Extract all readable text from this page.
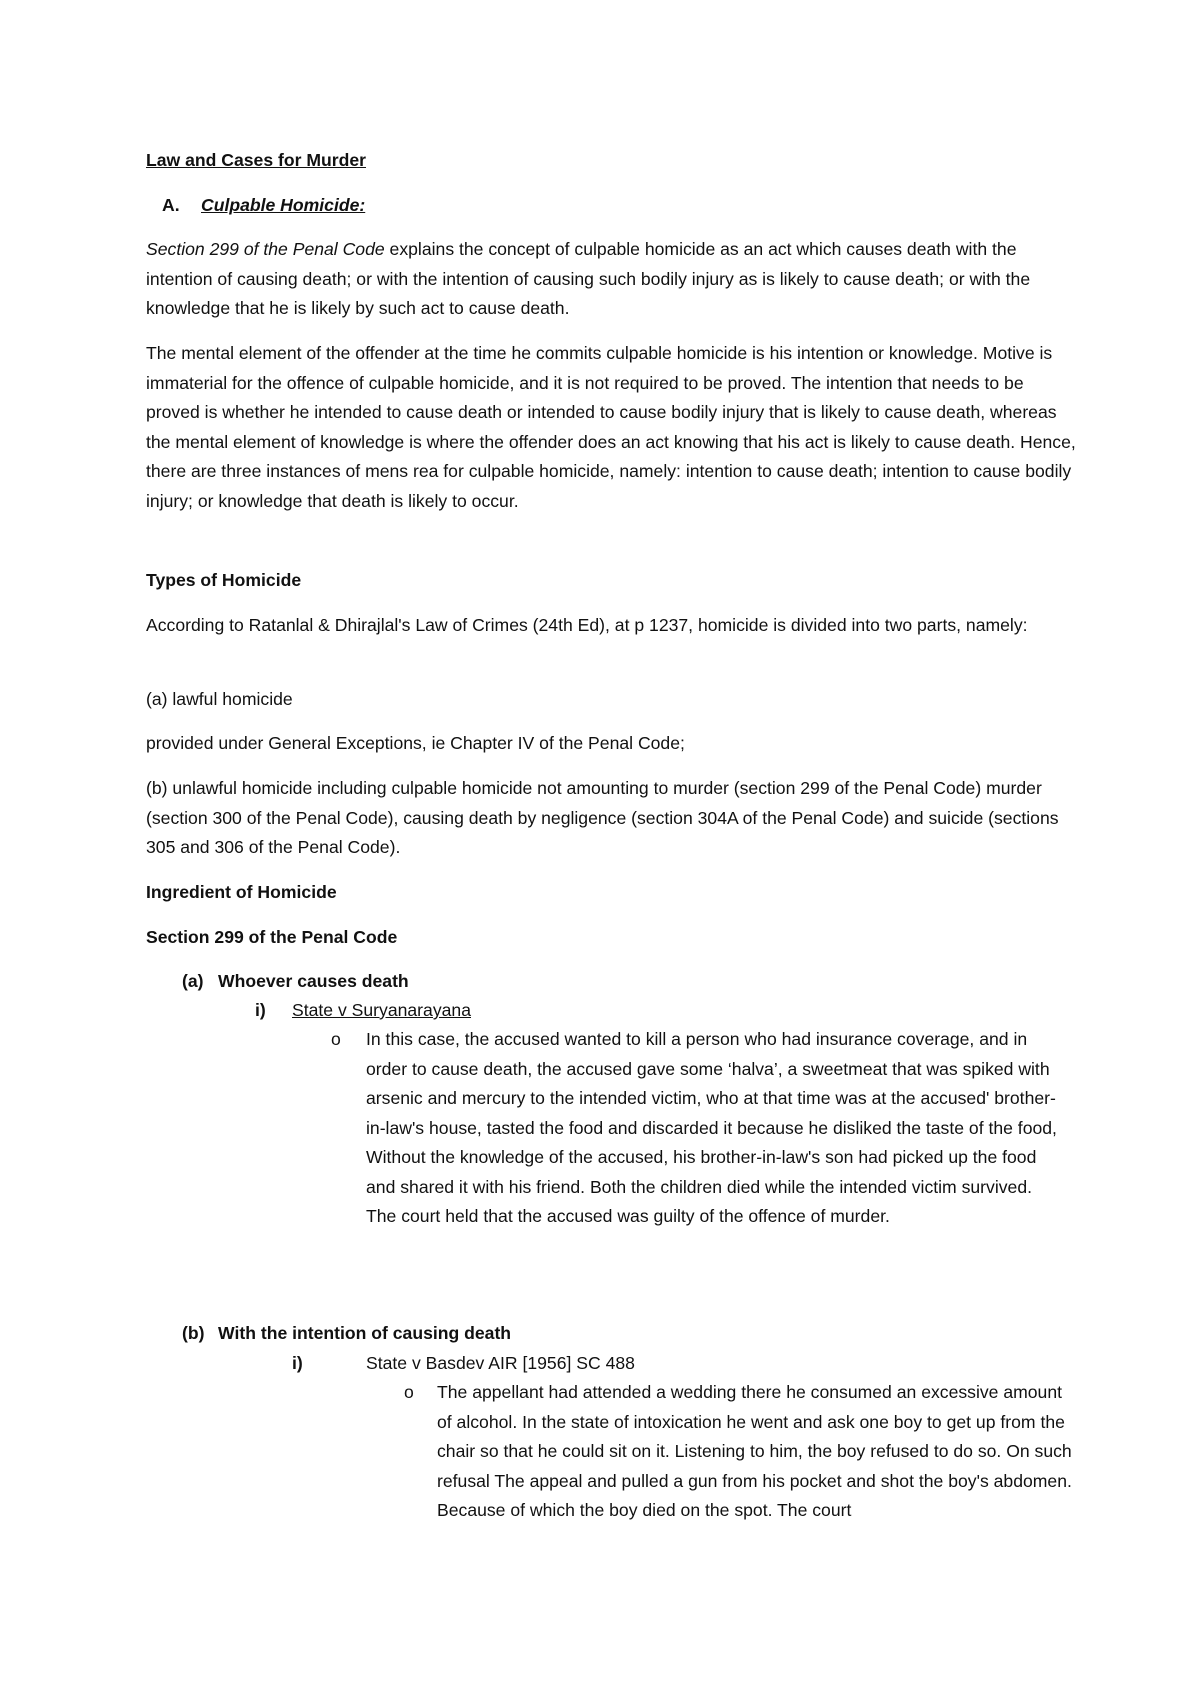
Law and Cases for Murder
A. Culpable Homicide:

Section 299 of the Penal Code explains the concept of culpable homicide as an act which causes death with the intention of causing death; or with the intention of causing such bodily injury as is likely to cause death; or with the knowledge that he is likely by such act to cause death.

The mental element of the offender at the time he commits culpable homicide is his intention or knowledge. Motive is immaterial for the offence of culpable homicide, and it is not required to be proved. The intention that needs to be proved is whether he intended to cause death or intended to cause bodily injury that is likely to cause death, whereas the mental element of knowledge is where the offender does an act knowing that his act is likely to cause death. Hence, there are three instances of mens rea for culpable homicide, namely: intention to cause death; intention to cause bodily injury; or knowledge that death is likely to occur.

Types of Homicide

According to Ratanlal & Dhirajlal's Law of Crimes (24th Ed), at p 1237, homicide is divided into two parts, namely:

(a) lawful homicide
provided under General Exceptions, ie Chapter IV of the Penal Code;

(b) unlawful homicide including culpable homicide not amounting to murder (section 299 of the Penal Code) murder (section 300 of the Penal Code), causing death by negligence (section 304A of the Penal Code) and suicide (sections 305 and 306 of the Penal Code).

Ingredient of Homicide
Section 299 of the Penal Code
(a) Whoever causes death
i) State v Suryanarayana
o In this case, the accused wanted to kill a person who had insurance coverage, and in order to cause death, the accused gave some ‘halva’, a sweetmeat that was spiked with arsenic and mercury to the intended victim, who at that time was at the accused' brother-in-law's house, tasted the food and discarded it because he disliked the taste of the food, Without the knowledge of the accused, his brother-in-law's son had picked up the food and shared it with his friend. Both the children died while the intended victim survived. The court held that the accused was guilty of the offence of murder.

(b) With the intention of causing death
i)	State v Basdev AIR [1956] SC 488
o The appellant had attended a wedding there he consumed an excessive amount of alcohol. In the state of intoxication he went and ask one boy to get up from the chair so that he could sit on it. Listening to him, the boy refused to do so. On such refusal The appeal and pulled a gun from his pocket and shot the boy's abdomen. Because of which the boy died on the spot. The court
